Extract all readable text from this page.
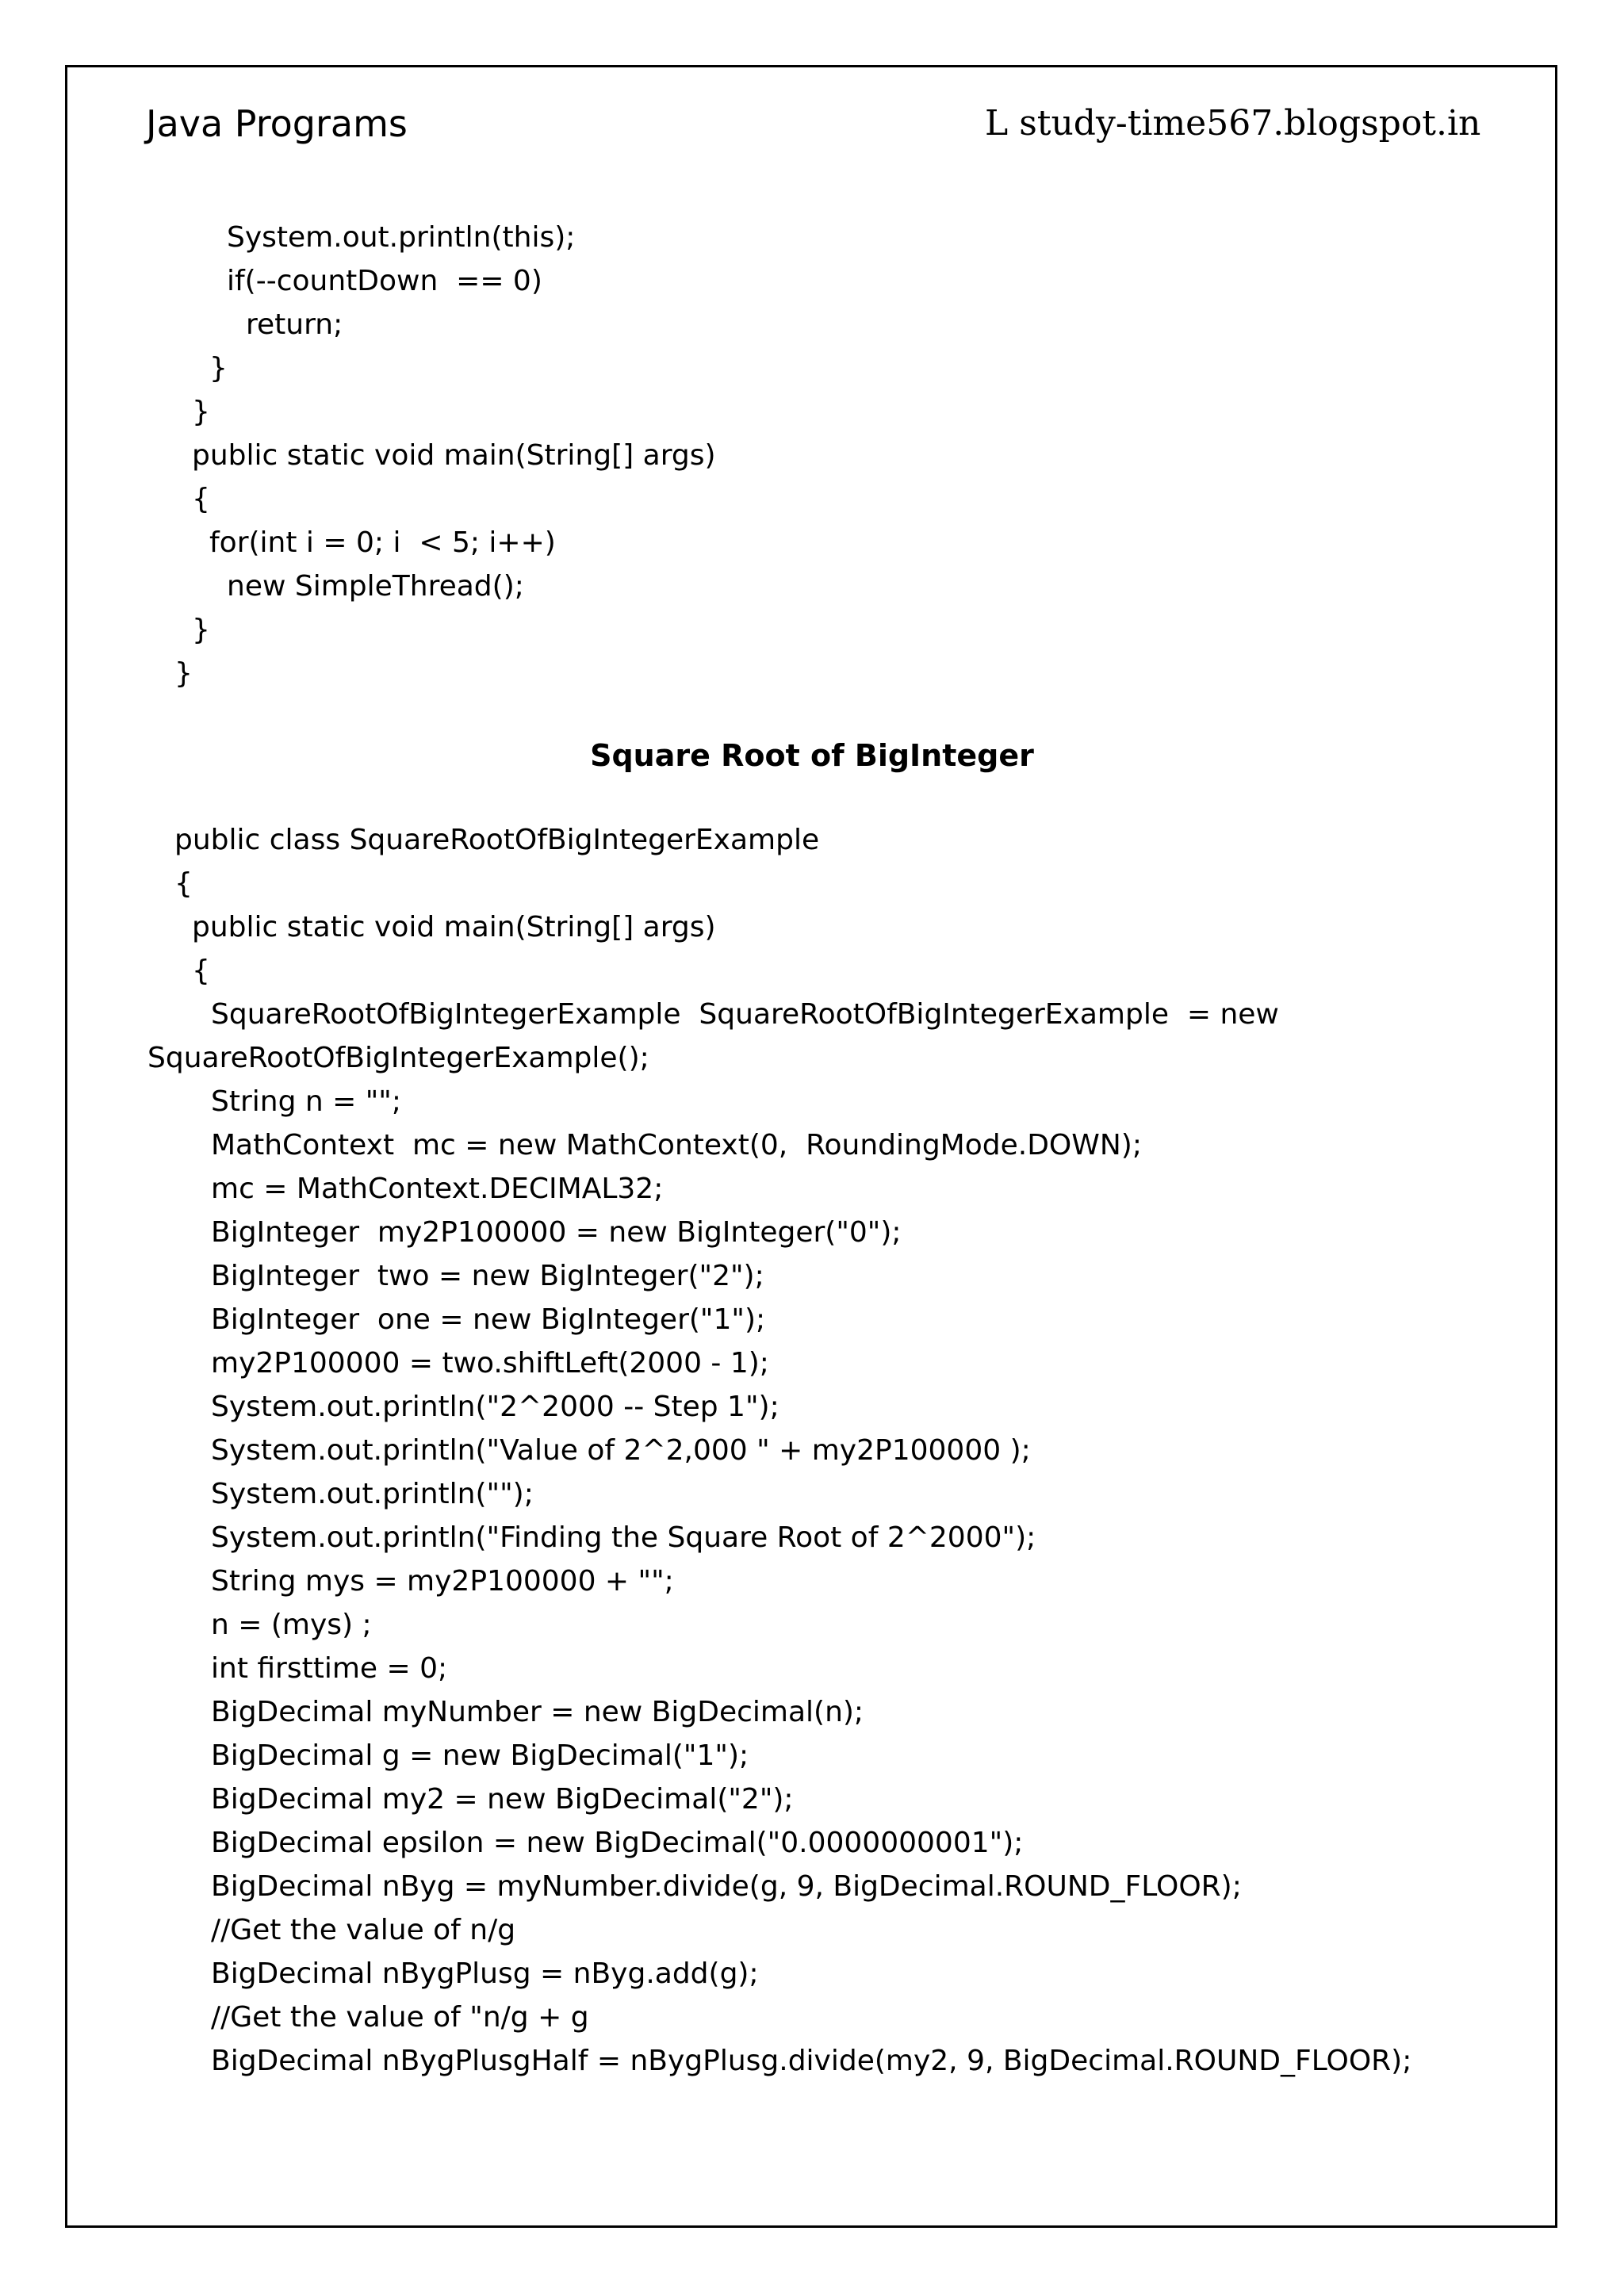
Java Programs	L study-time567.blogspot.in
System.out.println(this);
if(--countDown  == 0)
return;
}
}
public static void main(String[] args)
{
for(int i = 0; i  < 5; i++)
new SimpleThread();
}
}
Square Root of BigInteger
public class SquareRootOfBigIntegerExample
{
public static void main(String[] args)
{
SquareRootOfBigIntegerExample  SquareRootOfBigIntegerExample  = new
SquareRootOfBigIntegerExample();
String n = "";
MathContext  mc = new MathContext(0,  RoundingMode.DOWN);
mc = MathContext.DECIMAL32;
BigInteger  my2P100000 = new BigInteger("0");
BigInteger  two = new BigInteger("2");
BigInteger  one = new BigInteger("1");
my2P100000 = two.shiftLeft(2000 - 1);
System.out.println("2^2000 -- Step 1");
System.out.println("Value of 2^2,000 " + my2P100000 );
System.out.println("");
System.out.println("Finding the Square Root of 2^2000");
String mys = my2P100000 + "";
n = (mys) ;
int firsttime = 0;
BigDecimal myNumber = new BigDecimal(n);
BigDecimal g = new BigDecimal("1");
BigDecimal my2 = new BigDecimal("2");
BigDecimal epsilon = new BigDecimal("0.0000000001");
BigDecimal nByg = myNumber.divide(g, 9, BigDecimal.ROUND_FLOOR);
//Get the value of n/g
BigDecimal nBygPlusg = nByg.add(g);
//Get the value of "n/g + g
BigDecimal nBygPlusgHalf = nBygPlusg.divide(my2, 9, BigDecimal.ROUND_FLOOR);
